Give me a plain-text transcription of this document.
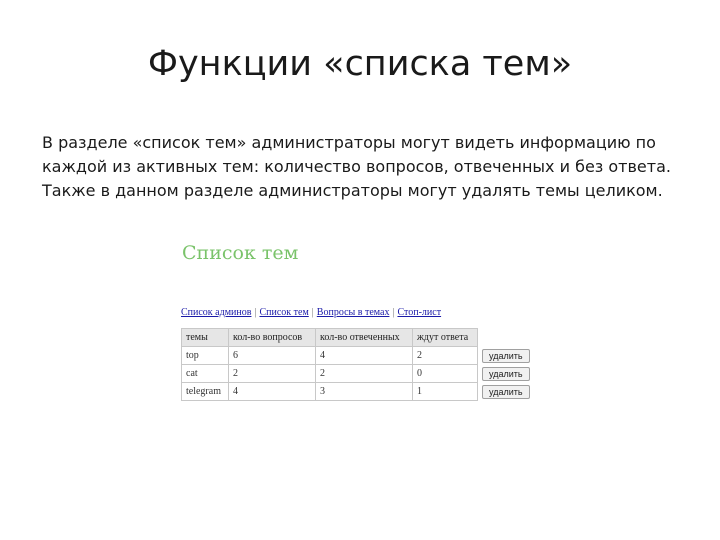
Функции «списка тем»

В разделе «список тем» администраторы могут видеть информацию по

каждой из активных тем: количество вопросов, отвеченных и без ответа.

Также в данном разделе администраторы могут удалять темы целиком.

Список тем
Список админов | Список тем | Вопросы в темах | Стоп-лист
темы	кол-во вопросов	кол-во отвеченных	ждут ответа	
top	6	4	2	удалить
cat	2	2	0	удалить
telegram	4	3	1	удалить
